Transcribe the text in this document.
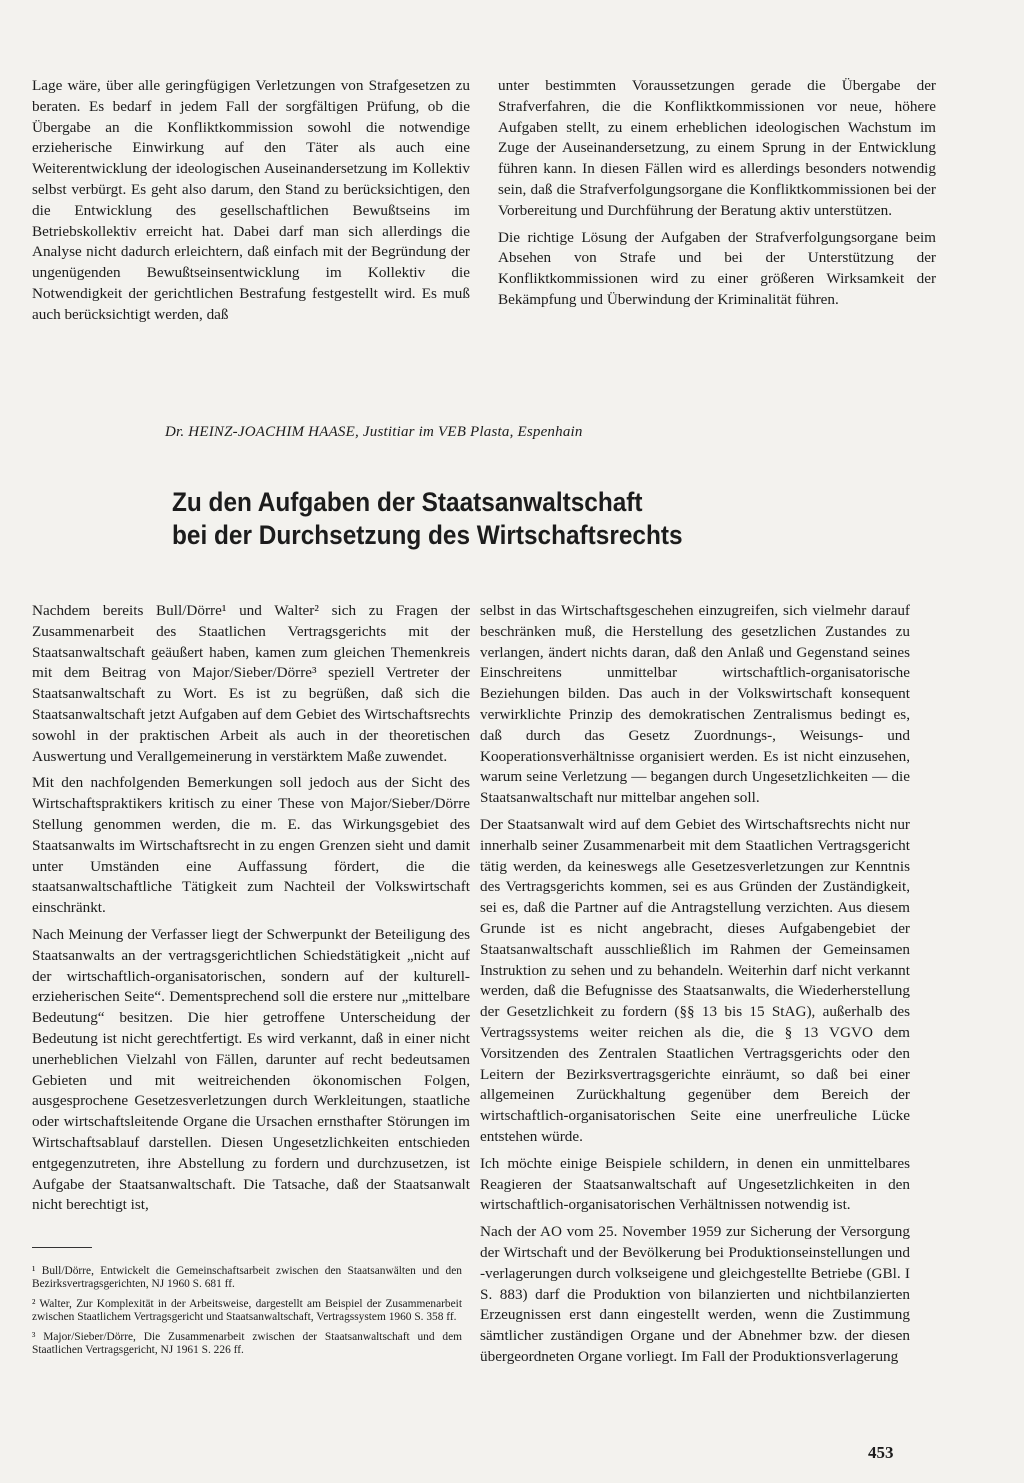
Lage wäre, über alle geringfügigen Verletzungen von Strafgesetzen zu beraten. Es bedarf in jedem Fall der sorgfältigen Prüfung, ob die Übergabe an die Konfliktkommission sowohl die notwendige erzieherische Einwirkung auf den Täter als auch eine Weiterentwicklung der ideologischen Auseinandersetzung im Kollektiv selbst verbürgt. Es geht also darum, den Stand zu berücksichtigen, den die Entwicklung des gesellschaftlichen Bewußtseins im Betriebskollektiv erreicht hat. Dabei darf man sich allerdings die Analyse nicht dadurch erleichtern, daß einfach mit der Begründung der ungenügenden Bewußtseinsentwicklung im Kollektiv die Notwendigkeit der gerichtlichen Bestrafung festgestellt wird. Es muß auch berücksichtigt werden, daß

unter bestimmten Voraussetzungen gerade die Übergabe der Strafverfahren, die die Konfliktkommissionen vor neue, höhere Aufgaben stellt, zu einem erheblichen ideologischen Wachstum im Zuge der Auseinandersetzung, zu einem Sprung in der Entwicklung führen kann. In diesen Fällen wird es allerdings besonders notwendig sein, daß die Strafverfolgungsorgane die Konfliktkommissionen bei der Vorbereitung und Durchführung der Beratung aktiv unterstützen.

Die richtige Lösung der Aufgaben der Strafverfolgungsorgane beim Absehen von Strafe und bei der Unterstützung der Konfliktkommissionen wird zu einer größeren Wirksamkeit der Bekämpfung und Überwindung der Kriminalität führen.

Dr. HEINZ-JOACHIM HAASE, Justitiar im VEB Plasta, Espenhain
Zu den Aufgaben der Staatsanwaltschaft
bei der Durchsetzung des Wirtschaftsrechts

Nachdem bereits Bull/Dörre¹ und Walter² sich zu Fragen der Zusammenarbeit des Staatlichen Vertragsgerichts mit der Staatsanwaltschaft geäußert haben, kamen zum gleichen Themenkreis mit dem Beitrag von Major/Sieber/Dörre³ speziell Vertreter der Staatsanwaltschaft zu Wort. Es ist zu begrüßen, daß sich die Staatsanwaltschaft jetzt Aufgaben auf dem Gebiet des Wirtschaftsrechts sowohl in der praktischen Arbeit als auch in der theoretischen Auswertung und Verallgemeinerung in verstärktem Maße zuwendet.

Mit den nachfolgenden Bemerkungen soll jedoch aus der Sicht des Wirtschaftspraktikers kritisch zu einer These von Major/Sieber/Dörre Stellung genommen werden, die m. E. das Wirkungsgebiet des Staatsanwalts im Wirtschaftsrecht in zu engen Grenzen sieht und damit unter Umständen eine Auffassung fördert, die die staatsanwaltschaftliche Tätigkeit zum Nachteil der Volkswirtschaft einschränkt.

Nach Meinung der Verfasser liegt der Schwerpunkt der Beteiligung des Staatsanwalts an der vertragsgerichtlichen Schiedstätigkeit „nicht auf der wirtschaftlich-organisatorischen, sondern auf der kulturell-erzieherischen Seite“. Dementsprechend soll die erstere nur „mittelbare Bedeutung“ besitzen. Die hier getroffene Unterscheidung der Bedeutung ist nicht gerechtfertigt. Es wird verkannt, daß in einer nicht unerheblichen Vielzahl von Fällen, darunter auf recht bedeutsamen Gebieten und mit weitreichenden ökonomischen Folgen, ausgesprochene Gesetzesverletzungen durch Werkleitungen, staatliche oder wirtschaftsleitende Organe die Ursachen ernsthafter Störungen im Wirtschaftsablauf darstellen. Diesen Ungesetzlichkeiten entschieden entgegenzutreten, ihre Abstellung zu fordern und durchzusetzen, ist Aufgabe der Staatsanwaltschaft. Die Tatsache, daß der Staatsanwalt nicht berechtigt ist,

selbst in das Wirtschaftsgeschehen einzugreifen, sich vielmehr darauf beschränken muß, die Herstellung des gesetzlichen Zustandes zu verlangen, ändert nichts daran, daß den Anlaß und Gegenstand seines Einschreitens unmittelbar wirtschaftlich-organisatorische Beziehungen bilden. Das auch in der Volkswirtschaft konsequent verwirklichte Prinzip des demokratischen Zentralismus bedingt es, daß durch das Gesetz Zuordnungs-, Weisungs- und Kooperationsverhältnisse organisiert werden. Es ist nicht einzusehen, warum seine Verletzung — begangen durch Ungesetzlichkeiten — die Staatsanwaltschaft nur mittelbar angehen soll.

Der Staatsanwalt wird auf dem Gebiet des Wirtschaftsrechts nicht nur innerhalb seiner Zusammenarbeit mit dem Staatlichen Vertragsgericht tätig werden, da keineswegs alle Gesetzesverletzungen zur Kenntnis des Vertragsgerichts kommen, sei es aus Gründen der Zuständigkeit, sei es, daß die Partner auf die Antragstellung verzichten. Aus diesem Grunde ist es nicht angebracht, dieses Aufgabengebiet der Staatsanwaltschaft ausschließlich im Rahmen der Gemeinsamen Instruktion zu sehen und zu behandeln. Weiterhin darf nicht verkannt werden, daß die Befugnisse des Staatsanwalts, die Wiederherstellung der Gesetzlichkeit zu fordern (§§ 13 bis 15 StAG), außerhalb des Vertragssystems weiter reichen als die, die § 13 VGVO dem Vorsitzenden des Zentralen Staatlichen Vertragsgerichts oder den Leitern der Bezirksvertragsgerichte einräumt, so daß bei einer allgemeinen Zurückhaltung gegenüber dem Bereich der wirtschaftlich-organisatorischen Seite eine unerfreuliche Lücke entstehen würde.

Ich möchte einige Beispiele schildern, in denen ein unmittelbares Reagieren der Staatsanwaltschaft auf Ungesetzlichkeiten in den wirtschaftlich-organisatorischen Verhältnissen notwendig ist.

Nach der AO vom 25. November 1959 zur Sicherung der Versorgung der Wirtschaft und der Bevölkerung bei Produktionseinstellungen und -verlagerungen durch volkseigene und gleichgestellte Betriebe (GBl. I S. 883) darf die Produktion von bilanzierten und nichtbilanzierten Erzeugnissen erst dann eingestellt werden, wenn die Zustimmung sämtlicher zuständigen Organe und der Abnehmer bzw. der diesen übergeordneten Organe vorliegt. Im Fall der Produktionsverlagerung

¹ Bull/Dörre, Entwickelt die Gemeinschaftsarbeit zwischen den Staatsanwälten und den Bezirksvertragsgerichten, NJ 1960 S. 681 ff.

² Walter, Zur Komplexität in der Arbeitsweise, dargestellt am Beispiel der Zusammenarbeit zwischen Staatlichem Vertragsgericht und Staatsanwaltschaft, Vertragssystem 1960 S. 358 ff.

³ Major/Sieber/Dörre, Die Zusammenarbeit zwischen der Staatsanwaltschaft und dem Staatlichen Vertragsgericht, NJ 1961 S. 226 ff.

453
